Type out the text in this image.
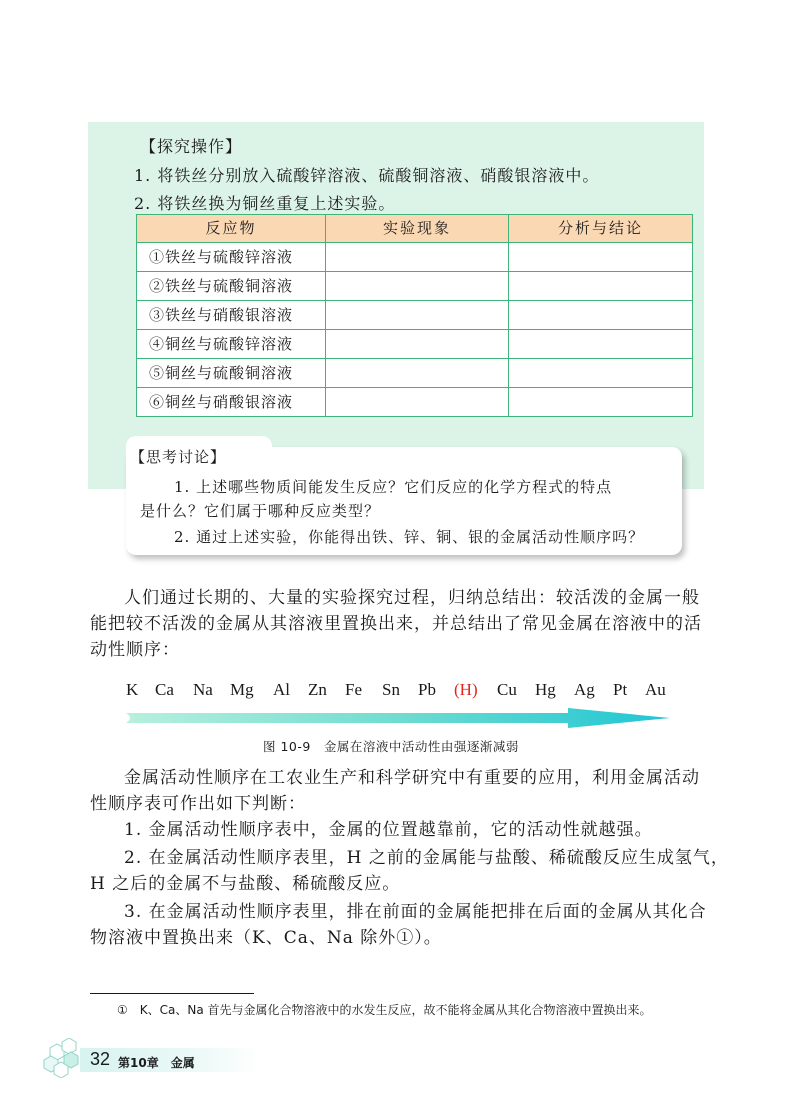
【探究操作】
1. 将铁丝分别放入硫酸锌溶液、硫酸铜溶液、硝酸银溶液中。
2. 将铁丝换为铜丝重复上述实验。
反应物	实验现象	分析与结论
①铁丝与硫酸锌溶液		
②铁丝与硫酸铜溶液		
③铁丝与硝酸银溶液		
④铜丝与硫酸锌溶液		
⑤铜丝与硫酸铜溶液		
⑥铜丝与硝酸银溶液		
【思考讨论】
1. 上述哪些物质间能发生反应？它们反应的化学方程式的特点
是什么？它们属于哪种反应类型？
2. 通过上述实验，你能得出铁、锌、铜、银的金属活动性顺序吗？
人们通过长期的、大量的实验探究过程，归纳总结出：较活泼的金属一般
能把较不活泼的金属从其溶液里置换出来，并总结出了常见金属在溶液中的活
动性顺序：
K Ca Na Mg Al Zn Fe Sn Pb (H) Cu Hg Ag Pt Au
图 10-9　金属在溶液中活动性由强逐渐减弱
金属活动性顺序在工农业生产和科学研究中有重要的应用，利用金属活动
性顺序表可作出如下判断：
1. 金属活动性顺序表中，金属的位置越靠前，它的活动性就越强。
2. 在金属活动性顺序表里，H 之前的金属能与盐酸、稀硫酸反应生成氢气，
H 之后的金属不与盐酸、稀硫酸反应。
3. 在金属活动性顺序表里，排在前面的金属能把排在后面的金属从其化合
物溶液中置换出来（K、Ca、Na 除外①）。
①　K、Ca、Na 首先与金属化合物溶液中的水发生反应，故不能将金属从其化合物溶液中置换出来。
32 第10章　金属
